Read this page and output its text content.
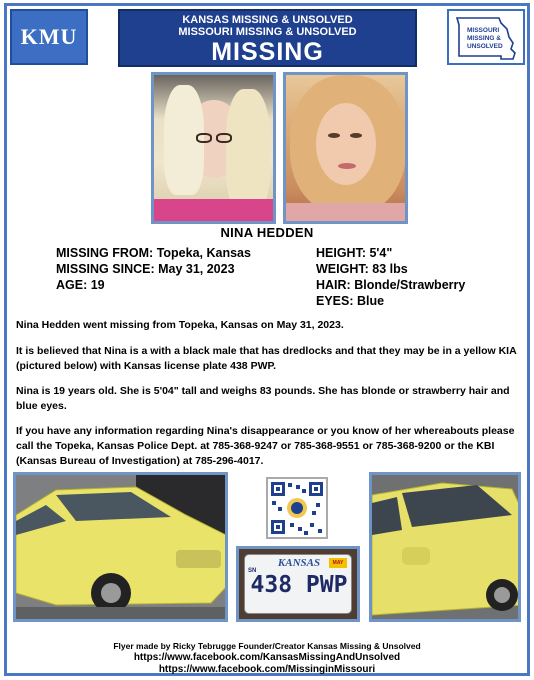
KMU
KANSAS MISSING & UNSOLVED
MISSOURI MISSING & UNSOLVED
MISSING
MISSOURI
MISSING &
UNSOLVED
NINA HEDDEN
MISSING FROM: Topeka, Kansas
MISSING SINCE: May 31, 2023
AGE: 19
HEIGHT: 5'4"
WEIGHT: 83 lbs
HAIR: Blonde/Strawberry
EYES: Blue
Nina Hedden went missing from Topeka, Kansas on May 31, 2023.
It is believed that Nina is a with a black male that has dredlocks and that they may be in a yellow KIA (pictured below) with Kansas license plate 438 PWP.
Nina is 19 years old. She is 5'04" tall and weighs 83 pounds. She has blonde or strawberry hair and blue eyes.
If you have any information regarding Nina's disappearance or you know of her whereabouts please call the Topeka, Kansas Police Dept. at 785-368-9247 or 785-368-9551 or 785-368-9200 or the KBI (Kansas Bureau of Investigation) at 785-296-4017.
SN
MAY
KANSAS
438 PWP
Flyer made by Ricky Tebrugge Founder/Creator Kansas Missing & Unsolved
https://www.facebook.com/KansasMissingAndUnsolved
https://www.facebook.com/MissinginMissouri
